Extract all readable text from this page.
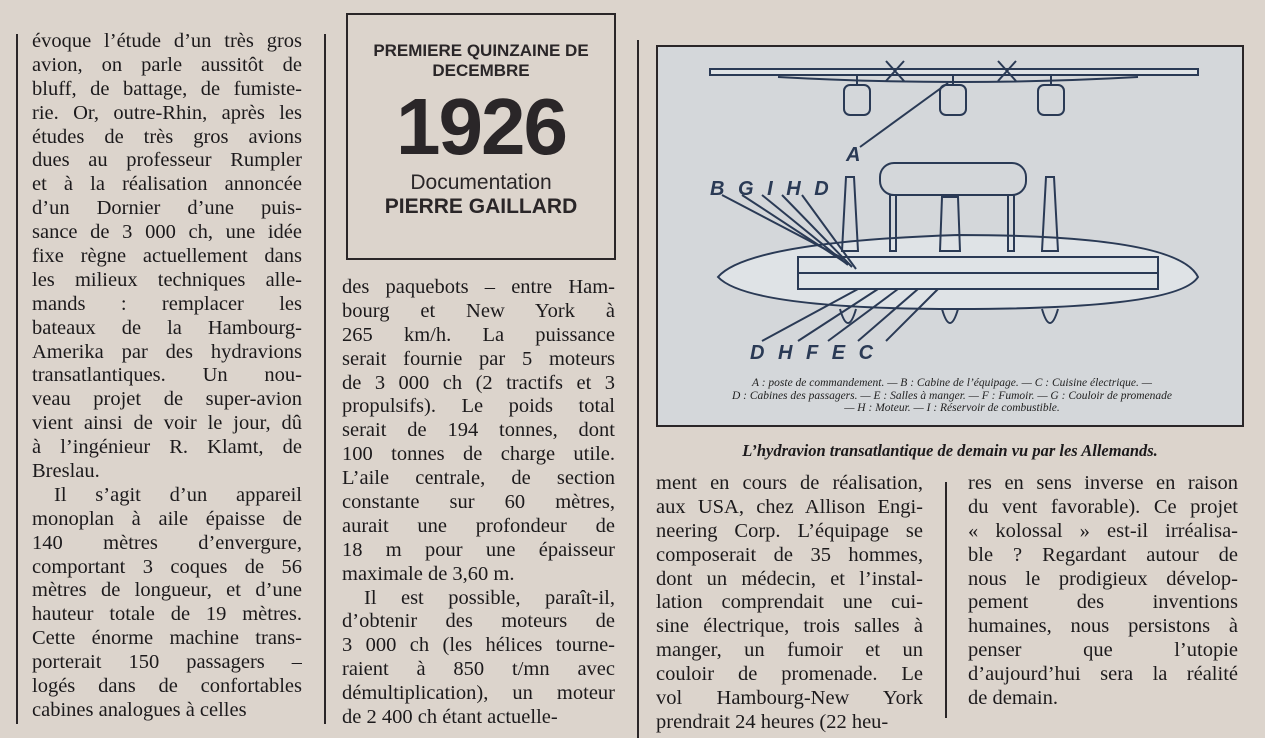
évoque l’étude d’un très gros
avion, on parle aussitôt de
bluff, de battage, de fumiste-
rie. Or, outre-Rhin, après les
études de très gros avions
dues au professeur Rumpler
et à la réalisation annoncée
d’un Dornier d’une puis-
sance de 3 000 ch, une idée
fixe règne actuellement dans
les milieux techniques alle-
mands : remplacer les
bateaux de la Hambourg-
Amerika par des hydravions
transatlantiques. Un nou-
veau projet de super-avion
vient ainsi de voir le jour, dû
à l’ingénieur R. Klamt, de
Breslau.
Il s’agit d’un appareil
monoplan à aile épaisse de
140 mètres d’envergure,
comportant 3 coques de 56
mètres de longueur, et d’une
hauteur totale de 19 mètres.
Cette énorme machine trans-
porterait 150 passagers –
logés dans de confortables
cabines analogues à celles
PREMIERE QUINZAINE DE DECEMBRE
1926
Documentation
PIERRE GAILLARD
des paquebots – entre Ham-
bourg et New York à
265 km/h. La puissance
serait fournie par 5 moteurs
de 3 000 ch (2 tractifs et 3
propulsifs). Le poids total
serait de 194 tonnes, dont
100 tonnes de charge utile.
L’aile centrale, de section
constante sur 60 mètres,
aurait une profondeur de
18 m pour une épaisseur
maximale de 3,60 m.
Il est possible, paraît-il,
d’obtenir des moteurs de
3 000 ch (les hélices tourne-
raient à 850 t/mn avec
démultiplication), un moteur
de 2 400 ch étant actuelle-
A
B G I H D
D H F E C
A : poste de commandement. — B : Cabine de l’équipage. — C : Cuisine électrique. —
D : Cabines des passagers. — E : Salles à manger. — F : Fumoir. — G : Couloir de promenade
— H : Moteur. — I : Réservoir de combustible.
L’hydravion transatlantique de demain vu par les Allemands.
ment en cours de réalisation,
aux USA, chez Allison Engi-
neering Corp. L’équipage se
composerait de 35 hommes,
dont un médecin, et l’instal-
lation comprendait une cui-
sine électrique, trois salles à
manger, un fumoir et un
couloir de promenade. Le
vol Hambourg-New York
prendrait 24 heures (22 heu-
res en sens inverse en raison
du vent favorable). Ce projet
« kolossal » est-il irréalisa-
ble ? Regardant autour de
nous le prodigieux dévelop-
pement des inventions
humaines, nous persistons à
penser que l’utopie
d’aujourd’hui sera la réalité
de demain.
